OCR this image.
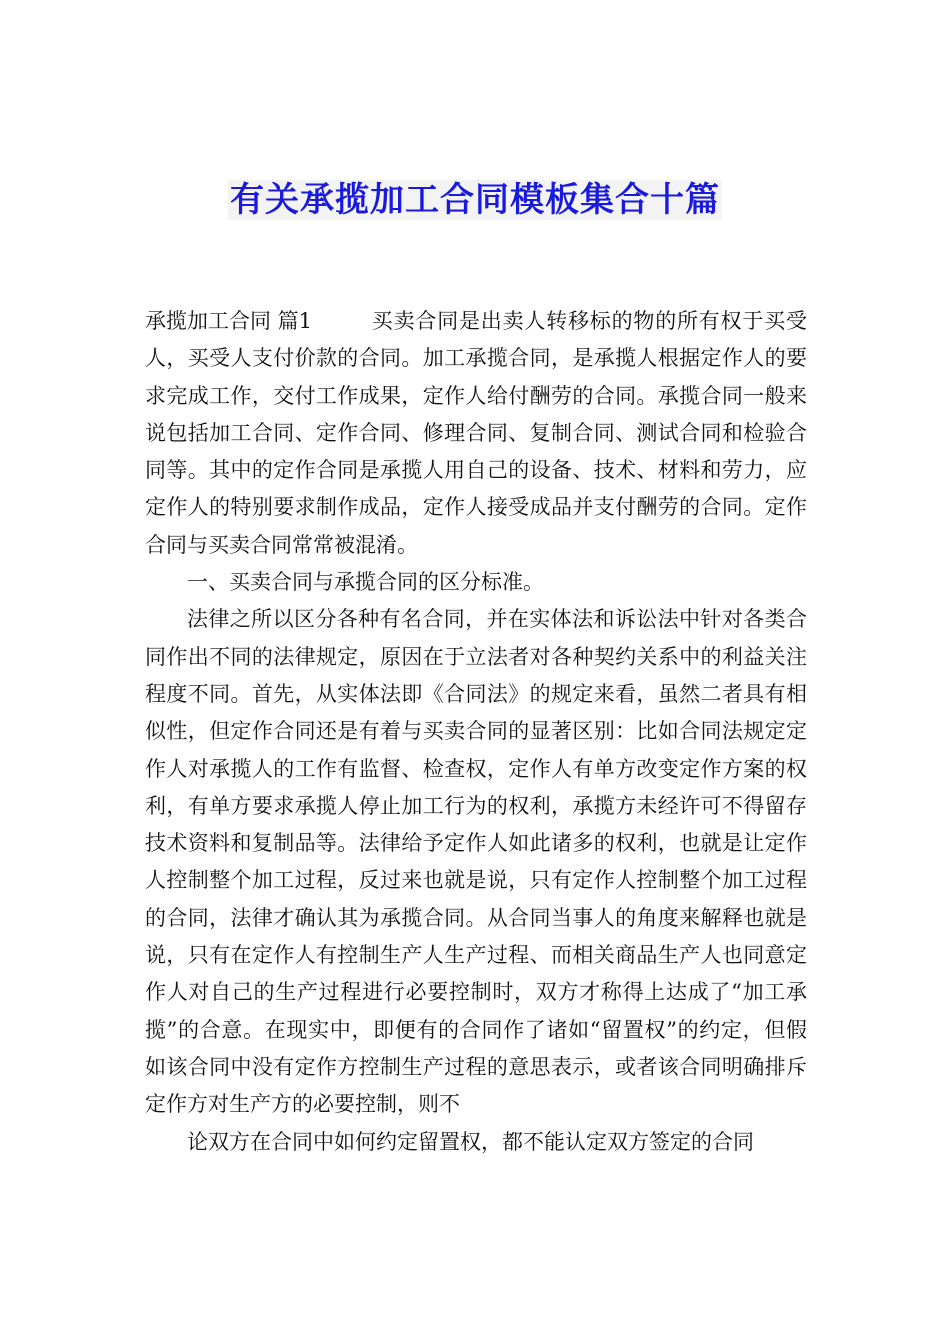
有关承揽加工合同模板集合十篇

承揽加工合同 篇1	买卖合同是出卖人转移标的物的所有权于买受人，买受人支付价款的合同。加工承揽合同，是承揽人根据定作人的要求完成工作，交付工作成果，定作人给付酬劳的合同。承揽合同一般来说包括加工合同、定作合同、修理合同、复制合同、测试合同和检验合同等。其中的定作合同是承揽人用自己的设备、技术、材料和劳力，应定作人的特别要求制作成品，定作人接受成品并支付酬劳的合同。定作合同与买卖合同常常被混淆。

一、买卖合同与承揽合同的区分标准。

法律之所以区分各种有名合同，并在实体法和诉讼法中针对各类合同作出不同的法律规定，原因在于立法者对各种契约关系中的利益关注程度不同。首先，从实体法即《合同法》的规定来看，虽然二者具有相似性，但定作合同还是有着与买卖合同的显著区别：比如合同法规定定作人对承揽人的工作有监督、检查权，定作人有单方改变定作方案的权利，有单方要求承揽人停止加工行为的权利，承揽方未经许可不得留存技术资料和复制品等。法律给予定作人如此诸多的权利，也就是让定作人控制整个加工过程，反过来也就是说，只有定作人控制整个加工过程的合同，法律才确认其为承揽合同。从合同当事人的角度来解释也就是说，只有在定作人有控制生产人生产过程、而相关商品生产人也同意定作人对自己的生产过程进行必要控制时，双方才称得上达成了“加工承揽”的合意。在现实中，即便有的合同作了诸如“留置权”的约定，但假如该合同中没有定作方控制生产过程的意思表示，或者该合同明确排斥定作方对生产方的必要控制，则不

论双方在合同中如何约定留置权，都不能认定双方签定的合同
